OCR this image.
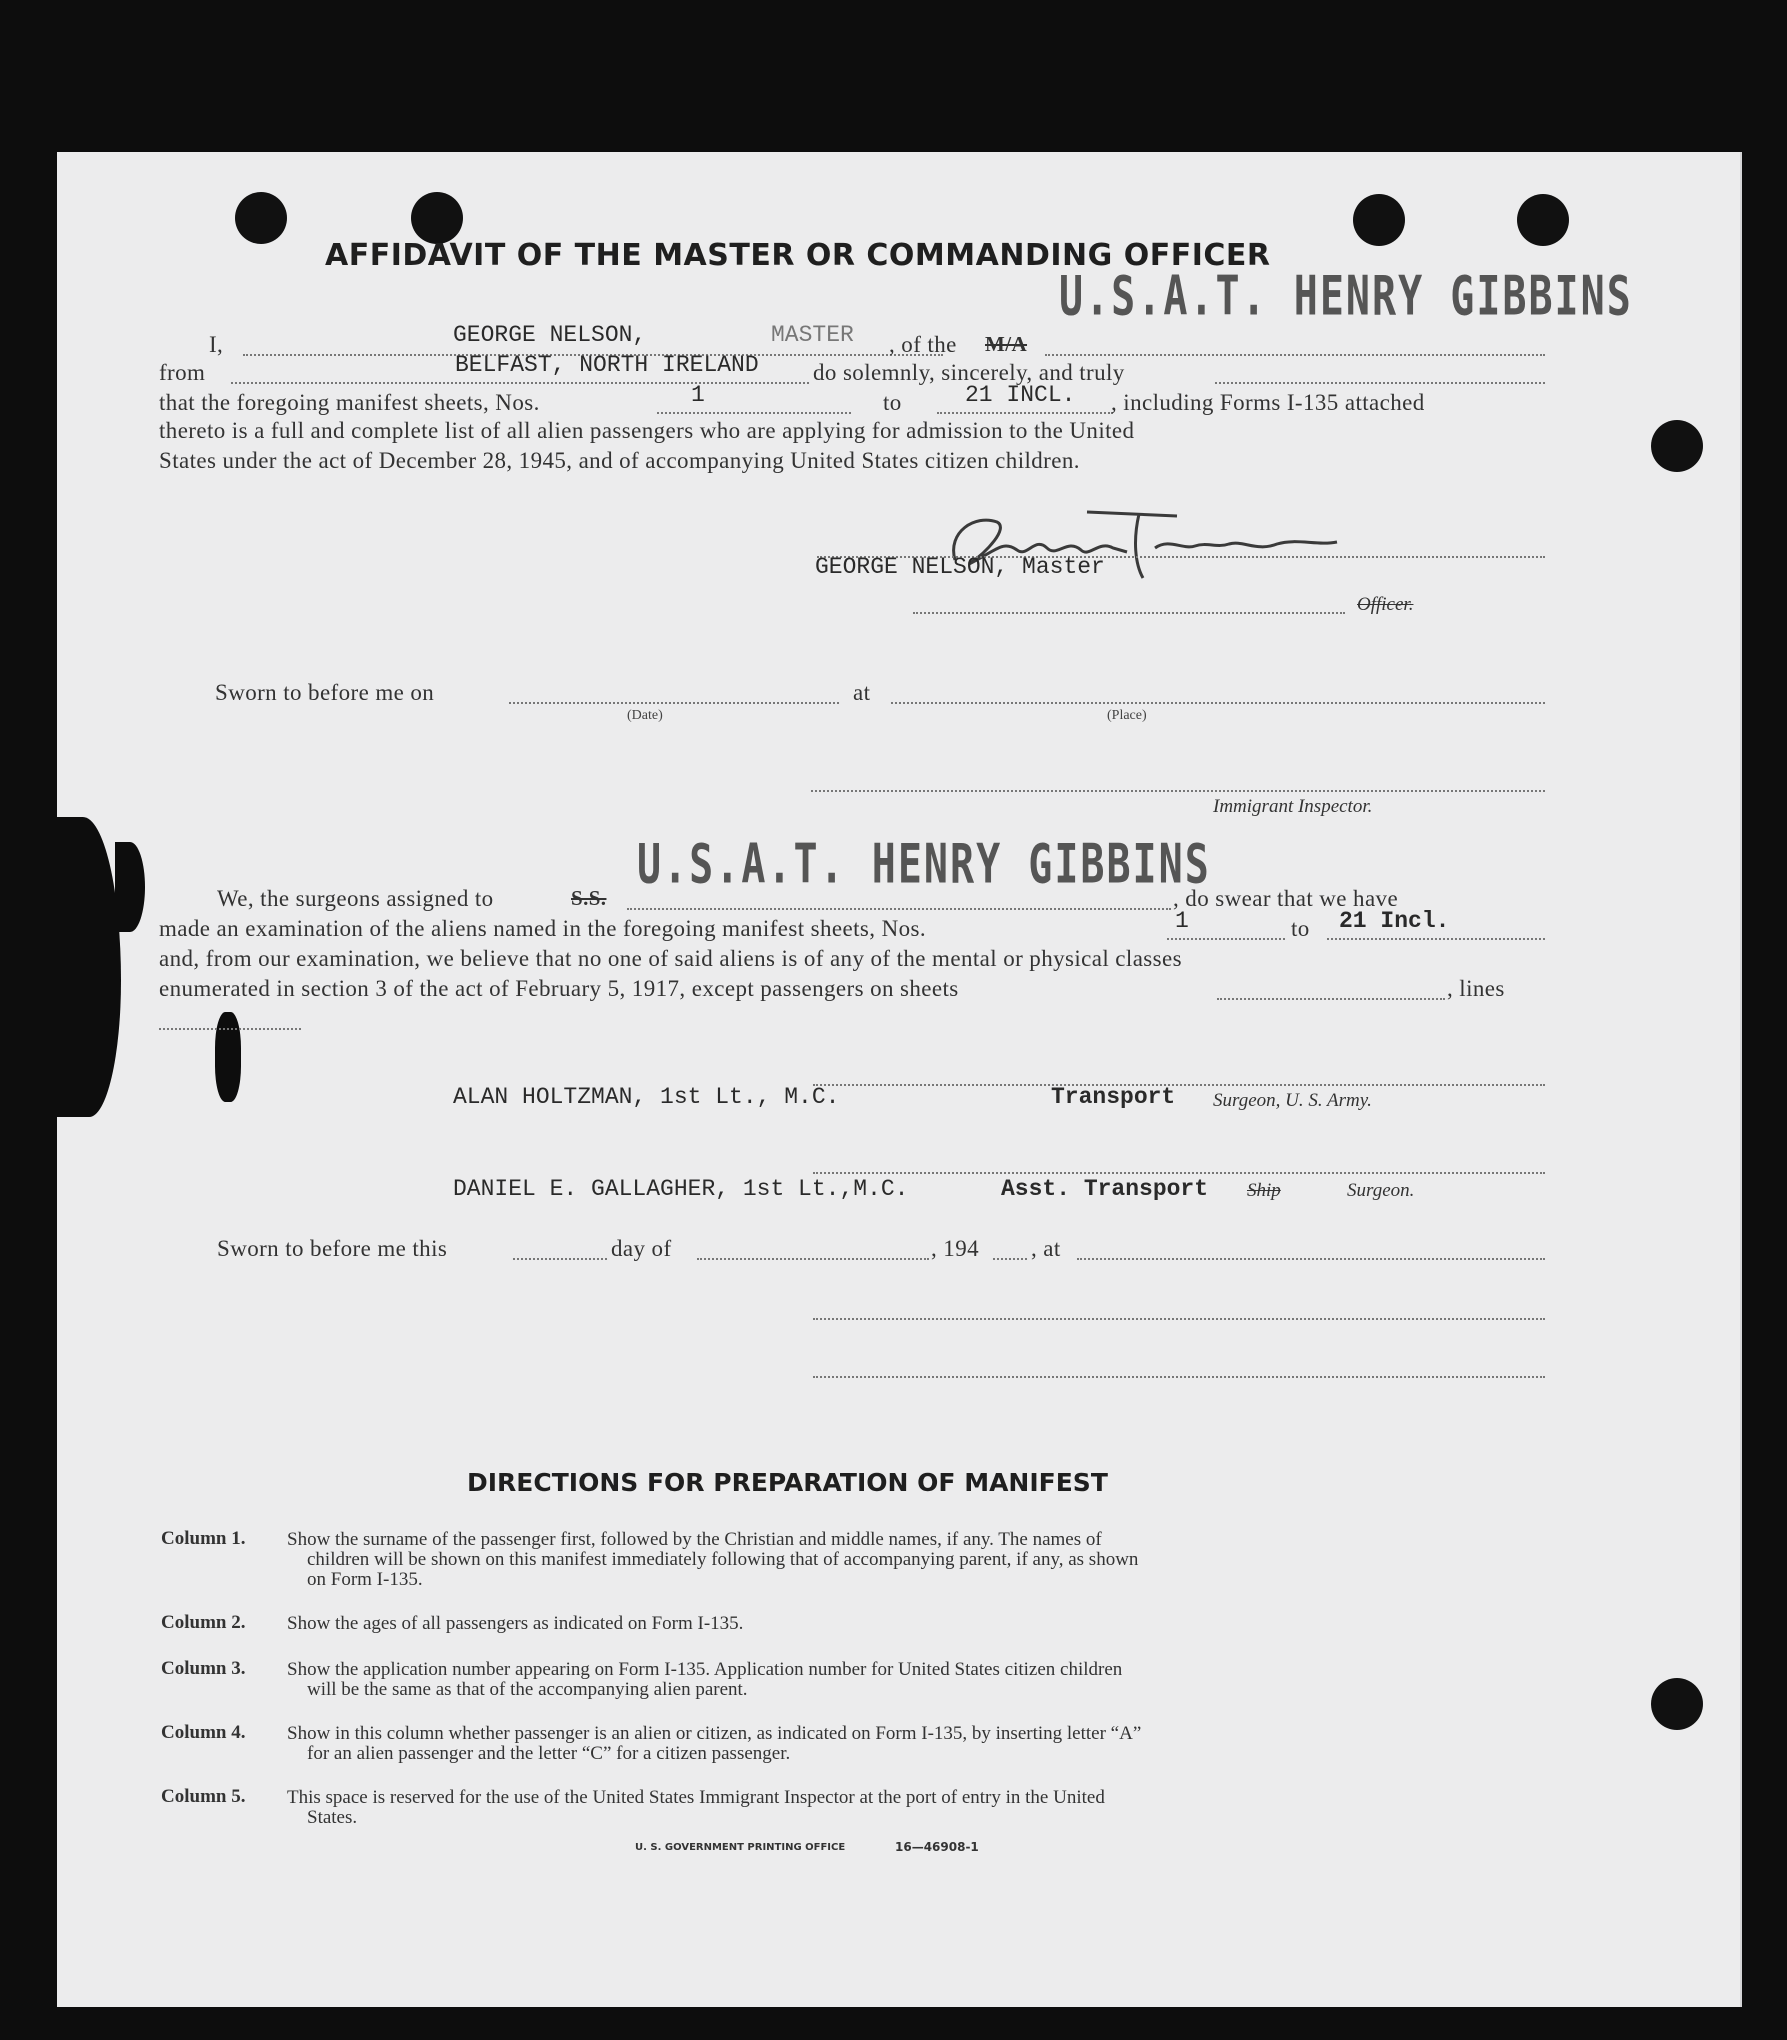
AFFIDAVIT OF THE MASTER OR COMMANDING OFFICER
I,	GEORGE NELSON,	MASTER , of the M/A
U.S.A.T. HENRY GIBBINS
from	BELFAST, NORTH IRELAND do solemnly, sincerely, and truly
that the foregoing manifest sheets, Nos.	1	to	21 INCL. , including Forms I-135 attached
thereto is a full and complete list of all alien passengers who are applying for admission to the United
States under the act of December 28, 1945, and of accompanying United States citizen children.
GEORGE NELSON, Master
Officer.
Sworn to before me on	at
(Date)	(Place)
Immigrant Inspector.
We, the surgeons assigned to	S.S.
U.S.A.T. HENRY GIBBINS
, do swear that we have
made an examination of the aliens named in the foregoing manifest sheets, Nos.	1	to 21 Incl.
and, from our examination, we believe that no one of said aliens is of any of the mental or physical classes
enumerated in section 3 of the act of February 5, 1917, except passengers on sheets	, lines
ALAN HOLTZMAN, 1st Lt., M.C.	Transport Surgeon, U. S. Army.
DANIEL E. GALLAGHER, 1st Lt.,M.C.	Asst. Transport Ship	Surgeon.
Sworn to before me this	day of	, 194 , at
DIRECTIONS FOR PREPARATION OF MANIFEST
Column 1. Show the surname of the passenger first, followed by the Christian and middle names, if any. The names of
children will be shown on this manifest immediately following that of accompanying parent, if any, as shown
on Form I-135.
Column 2. Show the ages of all passengers as indicated on Form I-135.
Column 3. Show the application number appearing on Form I-135. Application number for United States citizen children
will be the same as that of the accompanying alien parent.
Column 4. Show in this column whether passenger is an alien or citizen, as indicated on Form I-135, by inserting letter “A”
for an alien passenger and the letter “C” for a citizen passenger.
Column 5. This space is reserved for the use of the United States Immigrant Inspector at the port of entry in the United
States.
U. S. GOVERNMENT PRINTING OFFICE	16—46908-1
